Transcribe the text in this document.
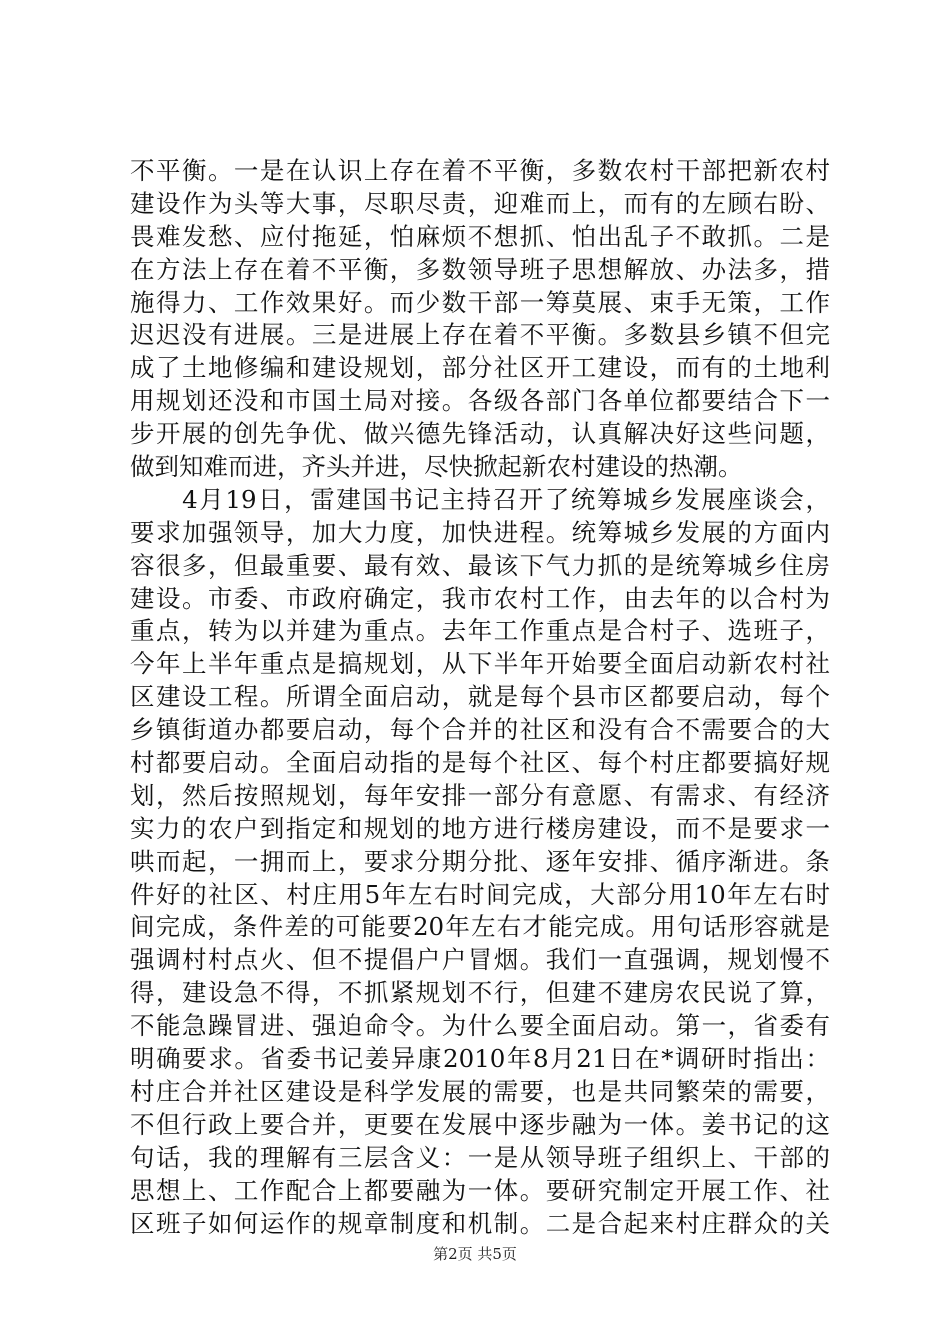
不平衡。一是在认识上存在着不平衡，多数农村干部把新农村
建设作为头等大事，尽职尽责，迎难而上，而有的左顾右盼、
畏难发愁、应付拖延，怕麻烦不想抓、怕出乱子不敢抓。二是
在方法上存在着不平衡，多数领导班子思想解放、办法多，措
施得力、工作效果好。而少数干部一筹莫展、束手无策，工作
迟迟没有进展。三是进展上存在着不平衡。多数县乡镇不但完
成了土地修编和建设规划，部分社区开工建设，而有的土地利
用规划还没和市国土局对接。各级各部门各单位都要结合下一
步开展的创先争优、做兴德先锋活动，认真解决好这些问题，
做到知难而进，齐头并进，尽快掀起新农村建设的热潮。
　　4月19日，雷建国书记主持召开了统筹城乡发展座谈会，
要求加强领导，加大力度，加快进程。统筹城乡发展的方面内
容很多，但最重要、最有效、最该下气力抓的是统筹城乡住房
建设。市委、市政府确定，我市农村工作，由去年的以合村为
重点，转为以并建为重点。去年工作重点是合村子、选班子，
今年上半年重点是搞规划，从下半年开始要全面启动新农村社
区建设工程。所谓全面启动，就是每个县市区都要启动，每个
乡镇街道办都要启动，每个合并的社区和没有合不需要合的大
村都要启动。全面启动指的是每个社区、每个村庄都要搞好规
划，然后按照规划，每年安排一部分有意愿、有需求、有经济
实力的农户到指定和规划的地方进行楼房建设，而不是要求一
哄而起，一拥而上，要求分期分批、逐年安排、循序渐进。条
件好的社区、村庄用5年左右时间完成，大部分用10年左右时
间完成，条件差的可能要20年左右才能完成。用句话形容就是
强调村村点火、但不提倡户户冒烟。我们一直强调，规划慢不
得，建设急不得，不抓紧规划不行，但建不建房农民说了算，
不能急躁冒进、强迫命令。为什么要全面启动。第一，省委有
明确要求。省委书记姜异康2010年8月21日在*调研时指出：
村庄合并社区建设是科学发展的需要，也是共同繁荣的需要，
不但行政上要合并，更要在发展中逐步融为一体。姜书记的这
句话，我的理解有三层含义：一是从领导班子组织上、干部的
思想上、工作配合上都要融为一体。要研究制定开展工作、社
区班子如何运作的规章制度和机制。二是合起来村庄群众的关
第2页 共5页
